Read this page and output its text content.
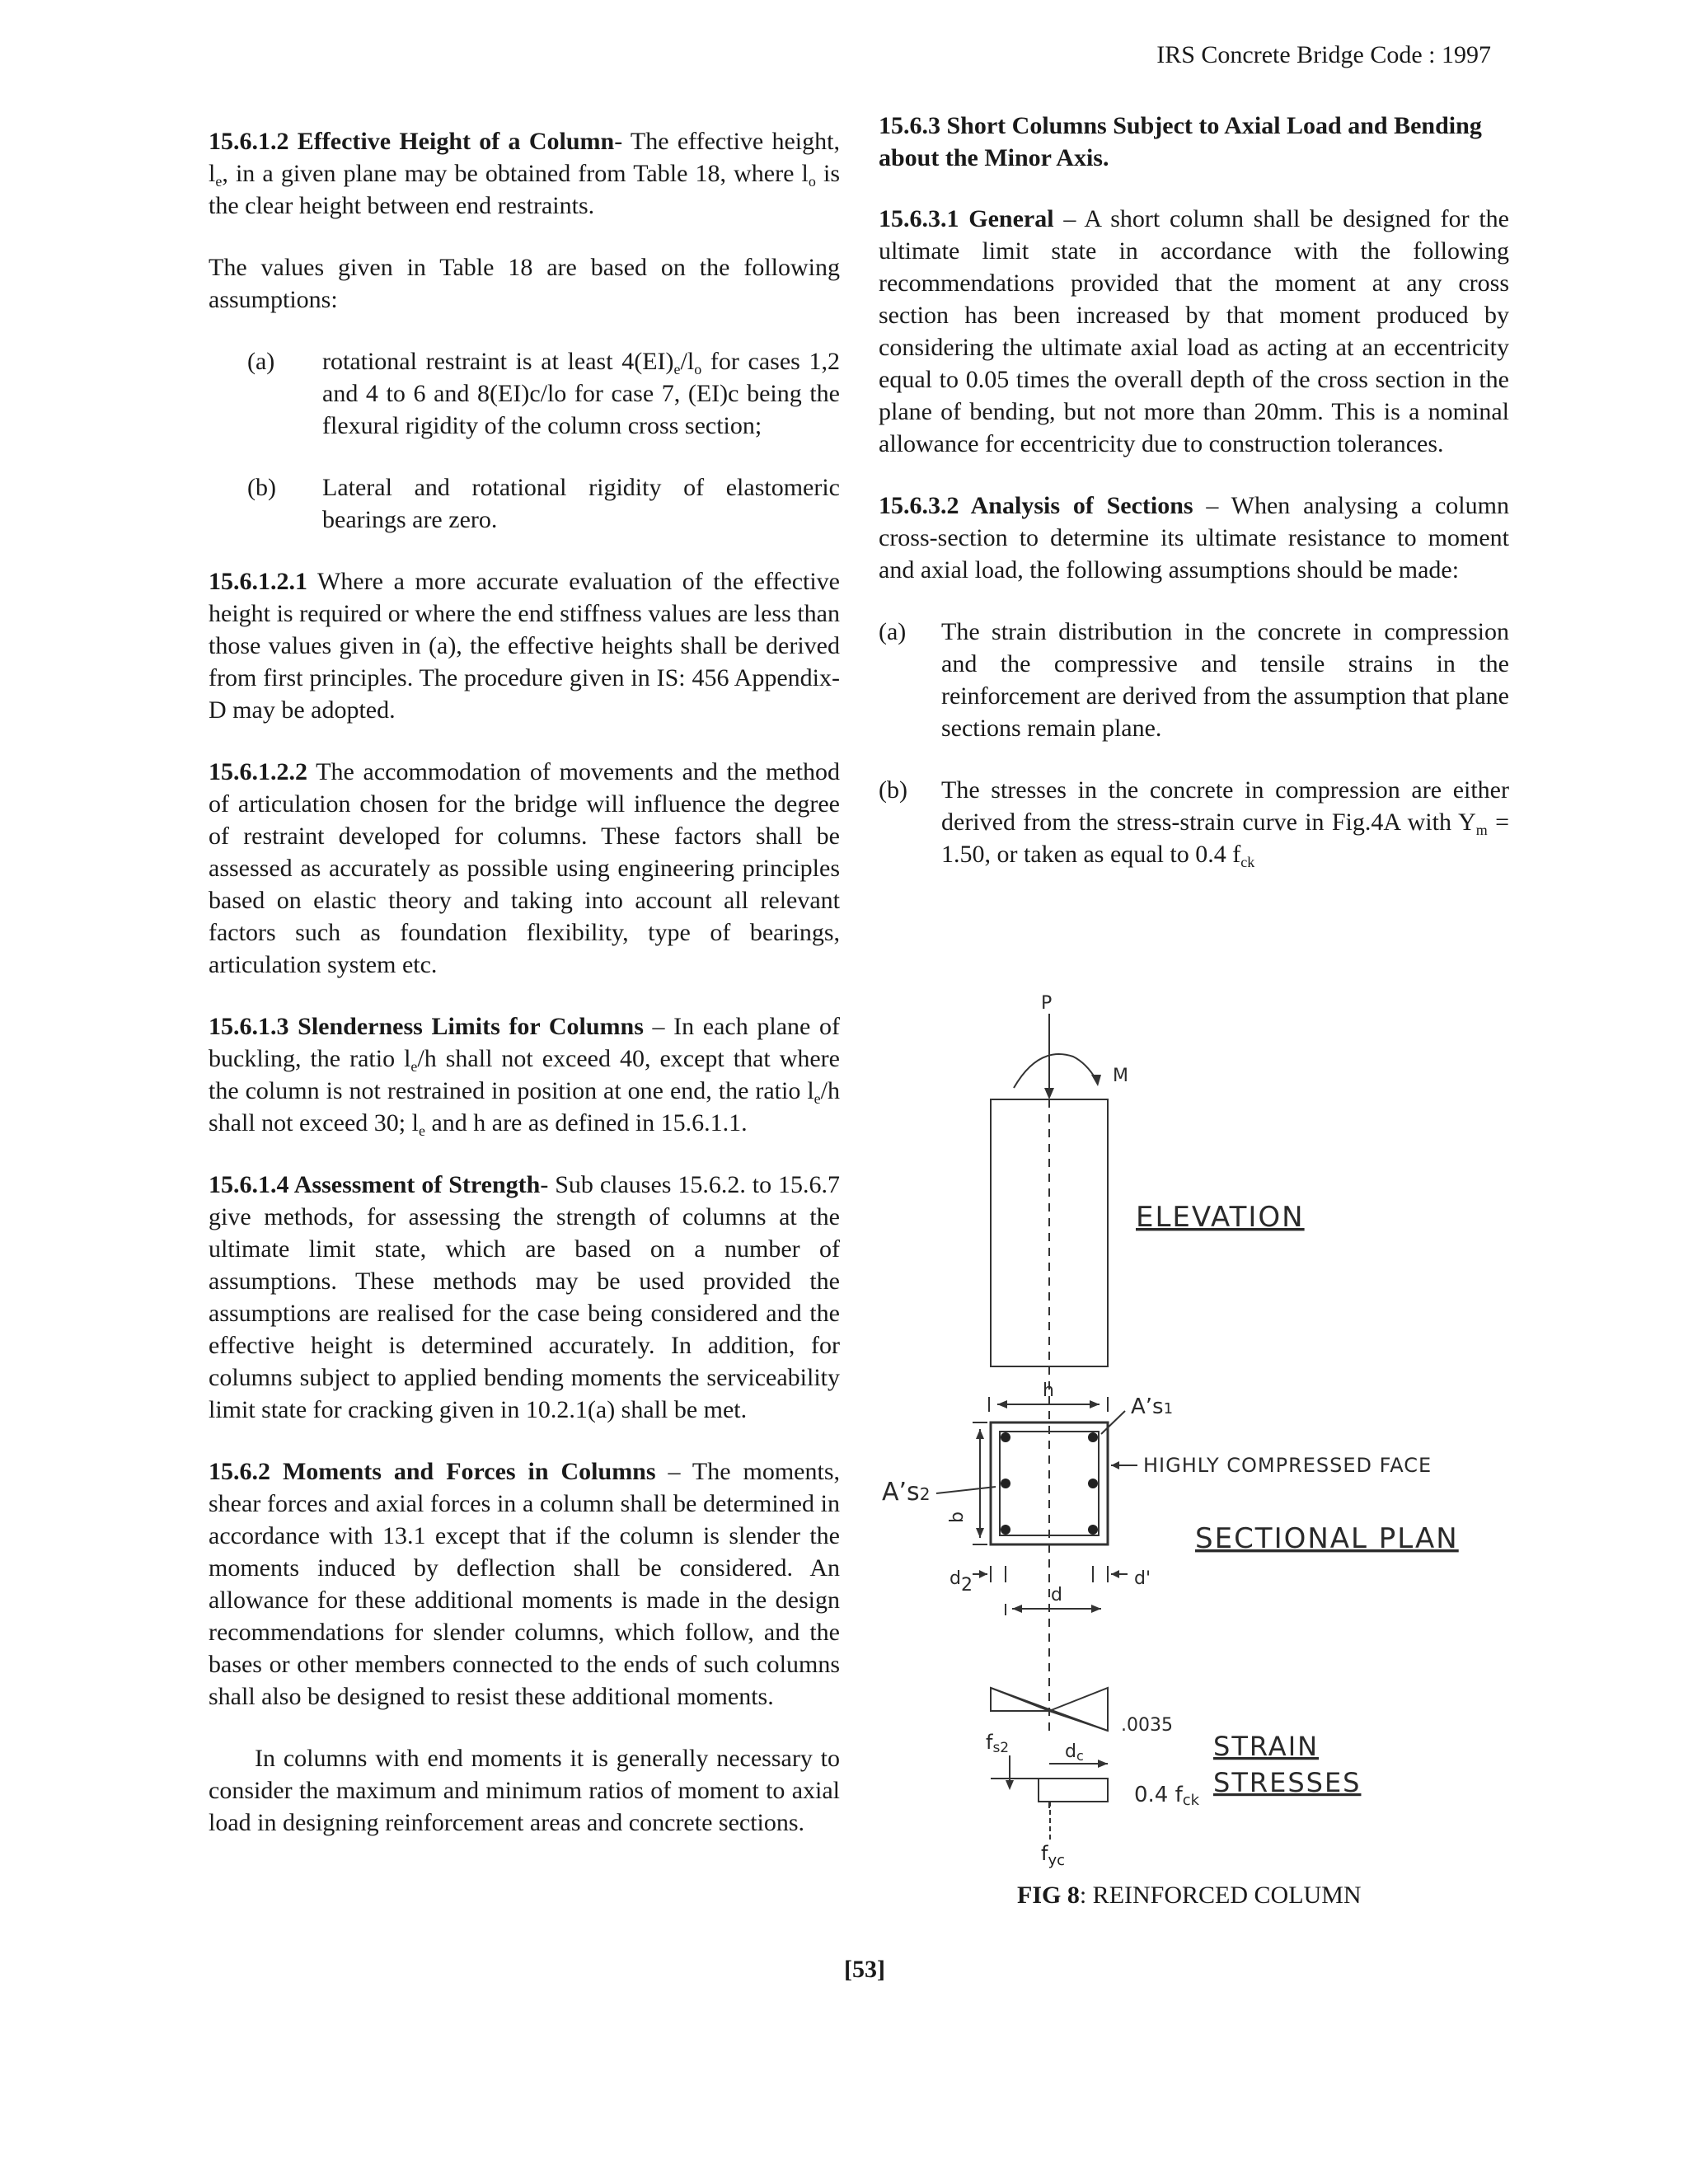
IRS Concrete Bridge Code : 1997

15.6.1.2 Effective Height of a Column- The effective height, $l_e$, in a given plane may be obtained from Table 18, where $l_o$ is the clear height between end restraints.

The values given in Table 18 are based on the following assumptions:

(a) rotational restraint is at least $4(EI)_e/l_o$ for cases 1,2 and 4 to 6 and 8(EI)c/lo for case 7, (EI)c being the flexural rigidity of the column cross section;
(b) Lateral and rotational rigidity of elastomeric bearings are zero.

15.6.1.2.1 Where a more accurate evaluation of the effective height is required or where the end stiffness values are less than those values given in (a), the effective heights shall be derived from first principles. The procedure given in IS: 456 Appendix-D may be adopted.

15.6.1.2.2 The accommodation of movements and the method of articulation chosen for the bridge will influence the degree of restraint developed for columns. These factors shall be assessed as accurately as possible using engineering principles based on elastic theory and taking into account all relevant factors such as foundation flexibility, type of bearings, articulation system etc.

15.6.1.3 Slenderness Limits for Columns – In each plane of buckling, the ratio $l_e/h$ shall not exceed 40, except that where the column is not restrained in position at one end, the ratio $l_e/h$ shall not exceed 30; $l_e$ and h are as defined in 15.6.1.1.

15.6.1.4 Assessment of Strength- Sub clauses 15.6.2. to 15.6.7 give methods, for assessing the strength of columns at the ultimate limit state, which are based on a number of assumptions. These methods may be used provided the assumptions are realised for the case being considered and the effective height is determined accurately. In addition, for columns subject to applied bending moments the serviceability limit state for cracking given in 10.2.1(a) shall be met.

15.6.2 Moments and Forces in Columns – The moments, shear forces and axial forces in a column shall be determined in accordance with 13.1 except that if the column is slender the moments induced by deflection shall be considered. An allowance for these additional moments is made in the design recommendations for slender columns, which follow, and the bases or other members connected to the ends of such columns shall also be designed to resist these additional moments.

In columns with end moments it is generally necessary to consider the maximum and minimum ratios of moment to axial load in designing reinforcement areas and concrete sections.

15.6.3 Short Columns Subject to Axial Load and Bending about the Minor Axis.

15.6.3.1 General – A short column shall be designed for the ultimate limit state in accordance with the following recommendations provided that the moment at any cross section has been increased by that moment produced by considering the ultimate axial load as acting at an eccentricity equal to 0.05 times the overall depth of the cross section in the plane of bending, but not more than 20mm. This is a nominal allowance for eccentricity due to construction tolerances.

15.6.3.2 Analysis of Sections – When analysing a column cross-section to determine its ultimate resistance to moment and axial load, the following assumptions should be made:

(a) The strain distribution in the concrete in compression and the compressive and tensile strains in the reinforcement are derived from the assumption that plane sections remain plane.
(b) The stresses in the concrete in compression are either derived from the stress-strain curve in Fig.4A with $Y_m = 1.50$, or taken as equal to 0.4 $f_{ck}$
P
M
ELEVATION
h
A’s1
HIGHLY COMPRESSED FACE
A’s2
b
SECTIONAL PLAN
d2	d'
d
.0035
fs2	dc
0.4 fck
STRAIN
STRESSES
$f_{yc}$
FIG 8: REINFORCED COLUMN
[53]
